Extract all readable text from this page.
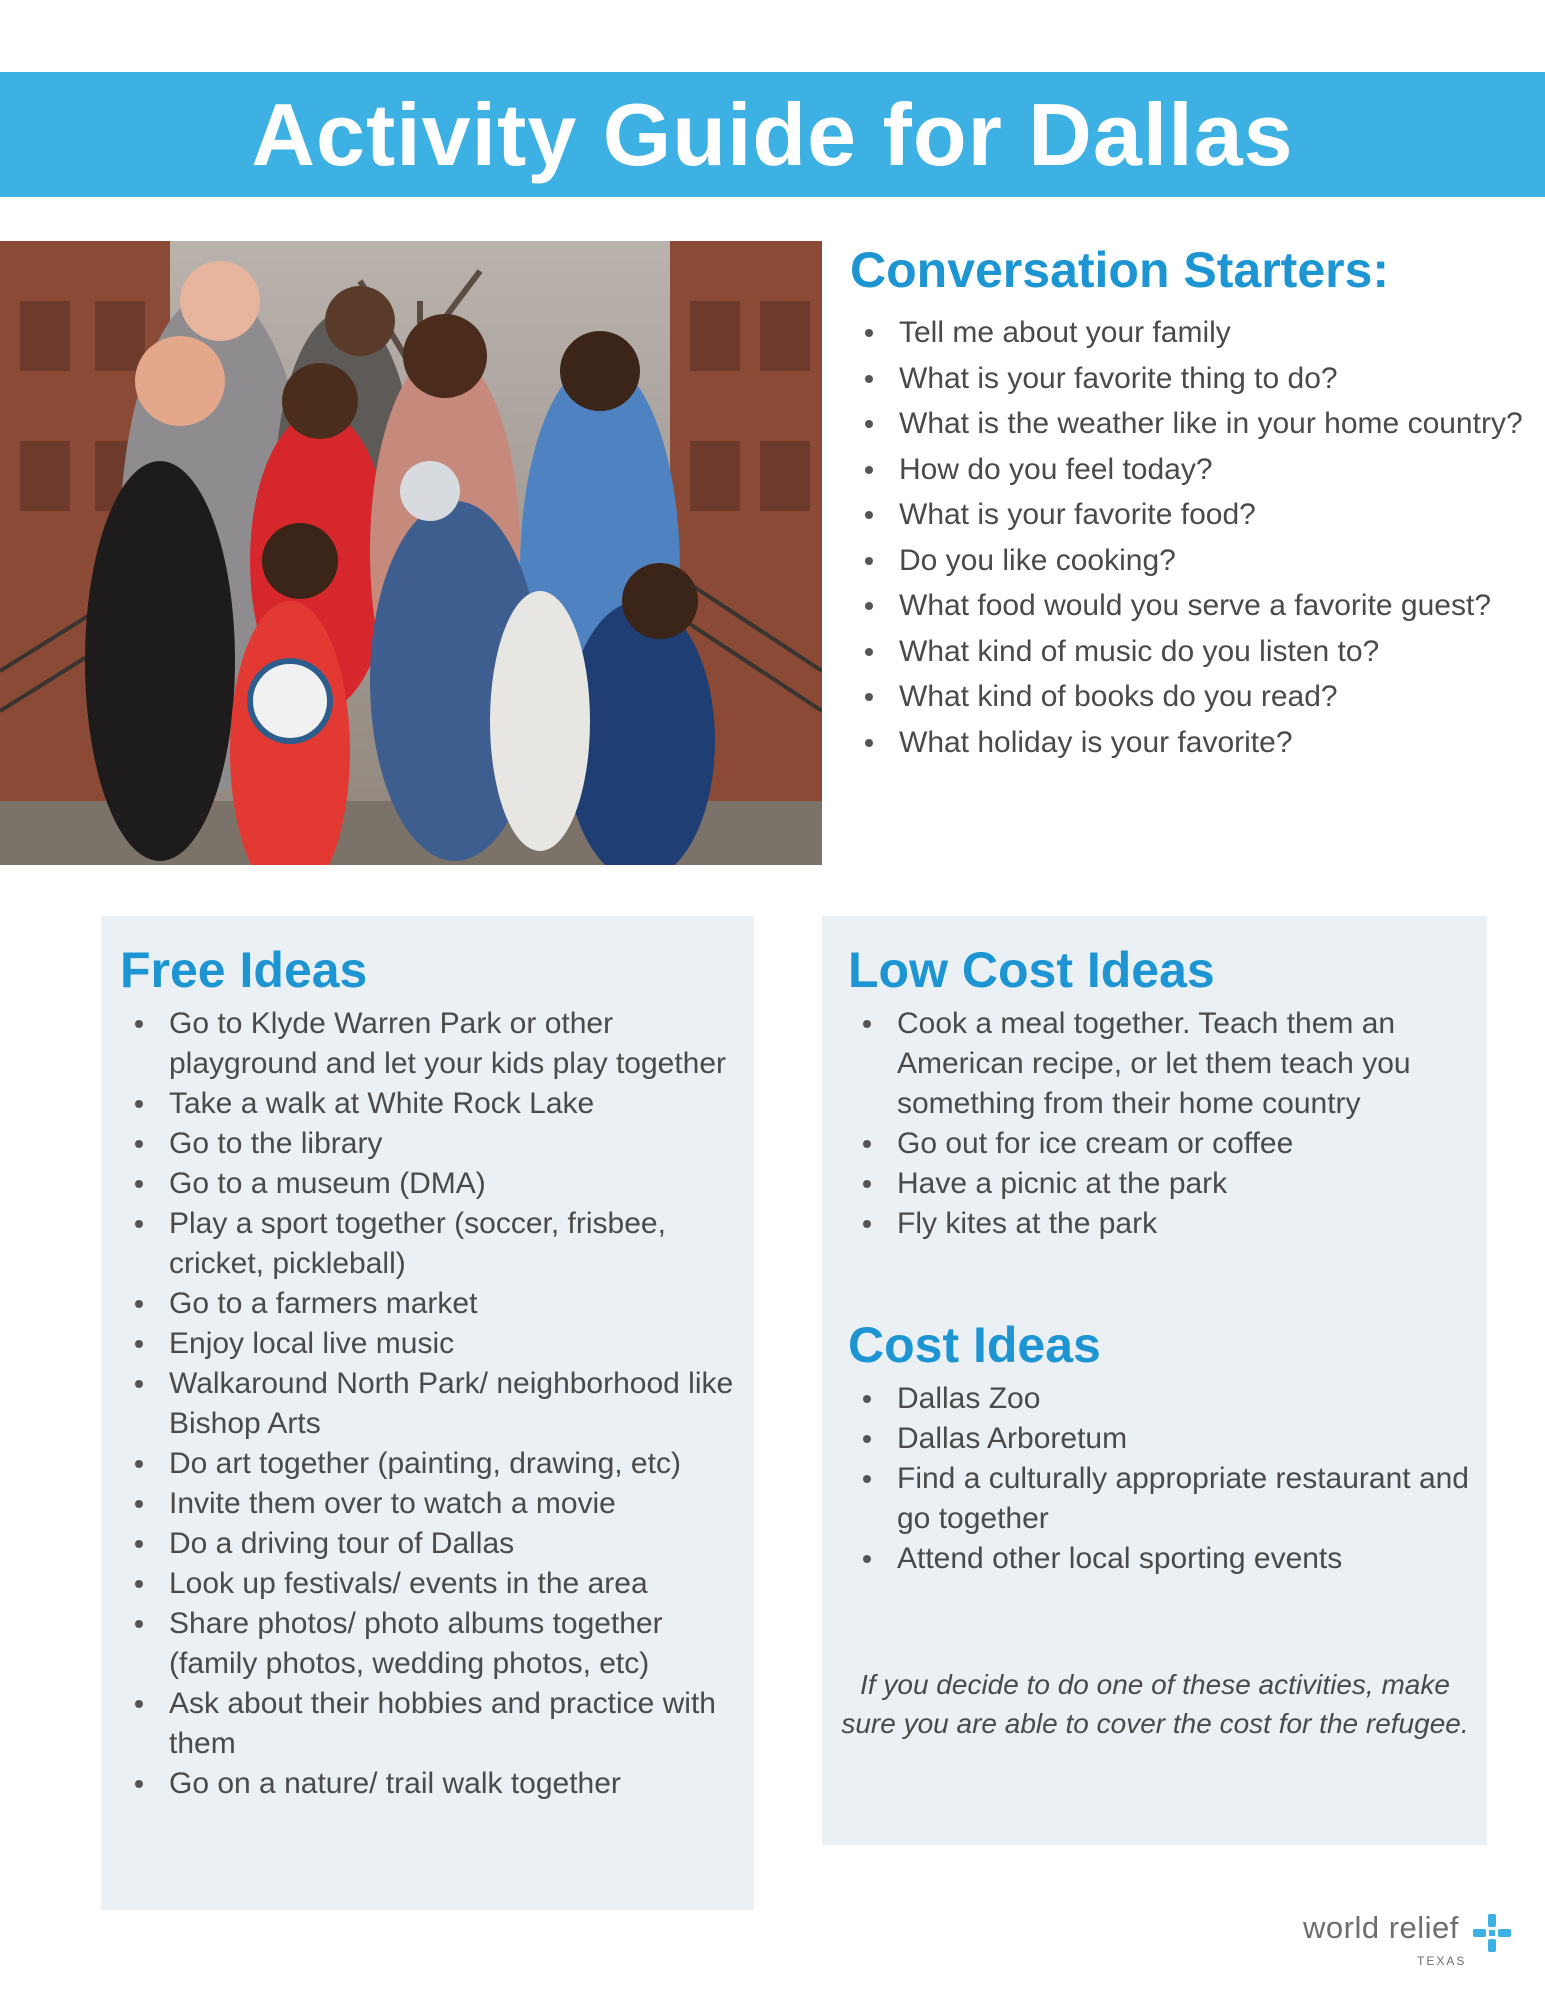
Activity Guide for Dallas
Conversation Starters:
Tell me about your family
What is your favorite thing to do?
What is the weather like in your home country?
How do you feel today?
What is your favorite food?
Do you like cooking?
What food would you serve a favorite guest?
What kind of music do you listen to?
What kind of books do you read?
What holiday is your favorite?
Free Ideas
Go to Klyde Warren Park or other playground and let your kids play together
Take a walk at White Rock Lake
Go to the library
Go to a museum (DMA)
Play a sport together (soccer, frisbee, cricket, pickleball)
Go to a farmers market
Enjoy local live music
Walkaround North Park/ neighborhood like Bishop Arts
Do art together (painting, drawing, etc)
Invite them over to watch a movie
Do a driving tour of Dallas
Look up festivals/ events in the area
Share photos/ photo albums together (family photos, wedding photos, etc)
Ask about their hobbies and practice with them
Go on a nature/ trail walk together
Low Cost Ideas
Cook a meal together. Teach them an American recipe, or let them teach you something from their home country
Go out for ice cream or coffee
Have a picnic at the park
Fly kites at the park
Cost Ideas
Dallas Zoo
Dallas Arboretum
Find a culturally appropriate restaurant and go together
Attend other local sporting events
If you decide to do one of these activities, make sure you are able to cover the cost for the refugee.
world relief
TEXAS
